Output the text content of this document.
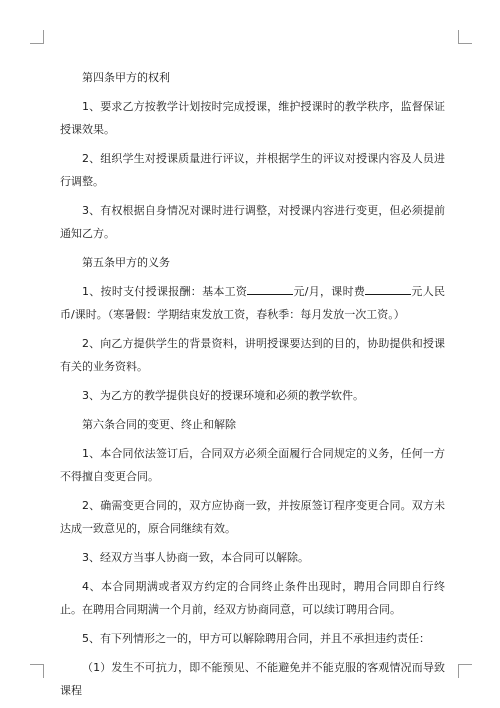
第四条甲方的权利

1、要求乙方按教学计划按时完成授课，维护授课时的教学秩序，监督保证授课效果。

2、组织学生对授课质量进行评议，并根据学生的评议对授课内容及人员进行调整。

3、有权根据自身情况对课时进行调整，对授课内容进行变更，但必须提前通知乙方。

第五条甲方的义务

1、按时支付授课报酬：基本工资	元/月，课时费	元人民币/课时。（寒暑假：学期结束发放工资，春秋季：每月发放一次工资。）

2、向乙方提供学生的背景资料，讲明授课要达到的目的，协助提供和授课有关的业务资料。

3、为乙方的教学提供良好的授课环境和必须的教学软件。

第六条合同的变更、终止和解除

1、本合同依法签订后，合同双方必须全面履行合同规定的义务，任何一方不得擅自变更合同。

2、确需变更合同的，双方应协商一致，并按原签订程序变更合同。双方未达成一致意见的，原合同继续有效。

3、经双方当事人协商一致，本合同可以解除。

4、本合同期满或者双方约定的合同终止条件出现时，聘用合同即自行终止。在聘用合同期满一个月前，经双方协商同意，可以续订聘用合同。

5、有下列情形之一的，甲方可以解除聘用合同，并且不承担违约责任：

（1）发生不可抗力，即不能预见、不能避免并不能克服的客观情况而导致课程
